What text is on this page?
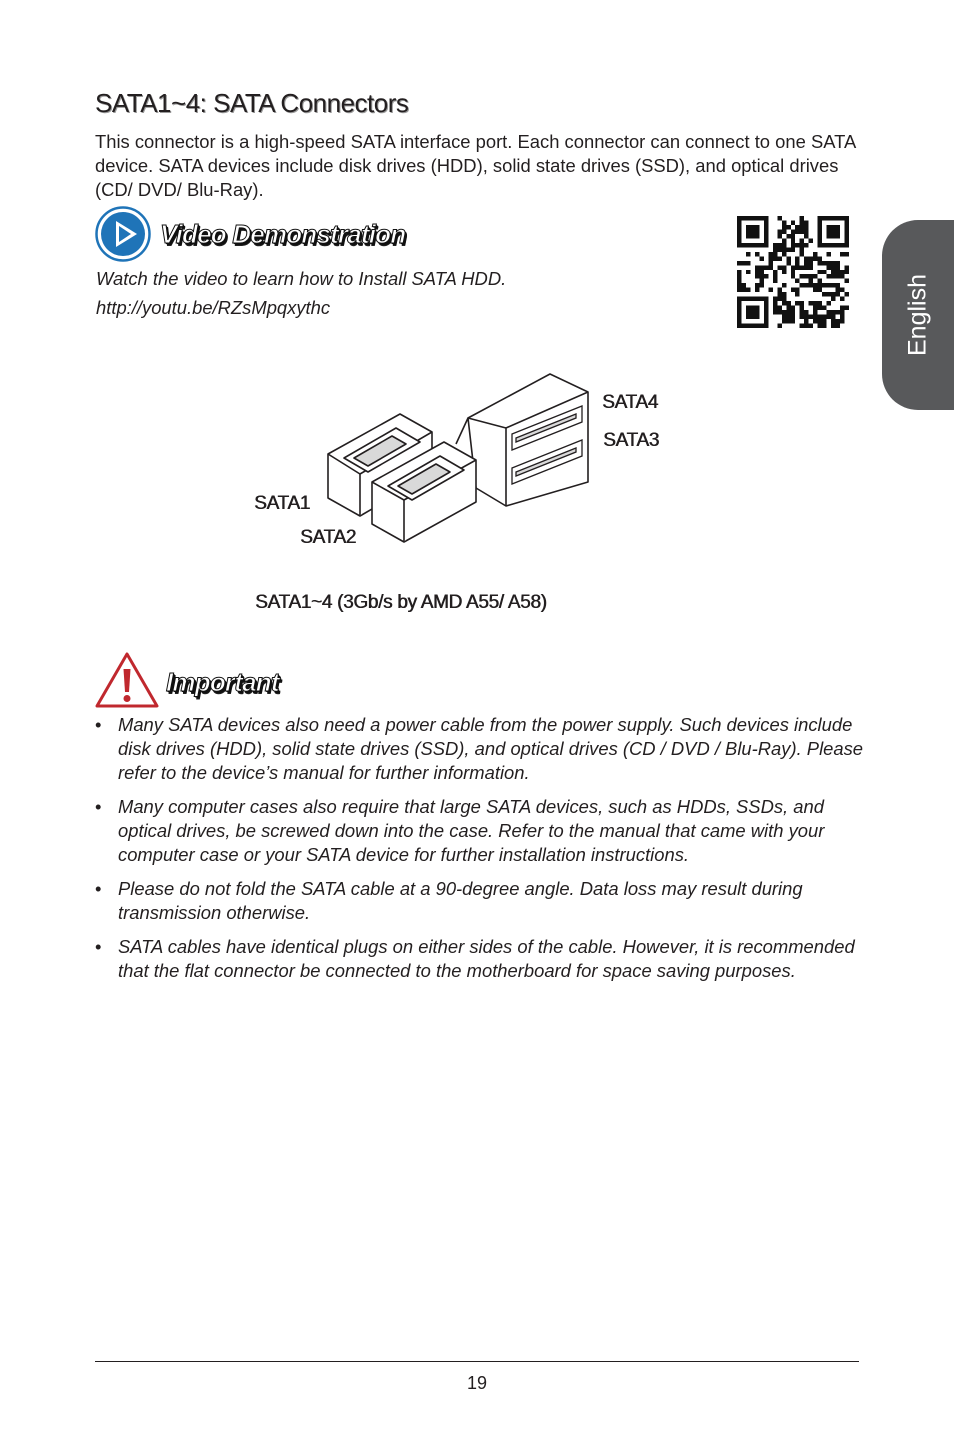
SATA1~4: SATA Connectors

This connector is a high-speed SATA interface port. Each connector can connect to one SATA device. SATA devices include disk drives (HDD), solid state drives (SSD), and optical drives (CD/ DVD/ Blu-Ray).

Video Demonstration
Watch the video to learn how to Install SATA HDD.
http://youtu.be/RZsMpqxythc
SATA4
SATA3
SATA1
SATA2
SATA1~4 (3Gb/s by AMD A55/ A58)
Important
• Many SATA devices also need a power cable from the power supply. Such devices include disk drives (HDD), solid state drives (SSD), and optical drives (CD / DVD / Blu-Ray). Please refer to the device’s manual for further information.
• Many computer cases also require that large SATA devices, such as HDDs, SSDs, and optical drives, be screwed down into the case. Refer to the manual that came with your computer case or your SATA device for further installation instructions.
• Please do not fold the SATA cable at a 90-degree angle. Data loss may result during transmission otherwise.
• SATA cables have identical plugs on either sides of the cable. However, it is recommended that the flat connector be connected to the motherboard for space saving purposes.
English
19
